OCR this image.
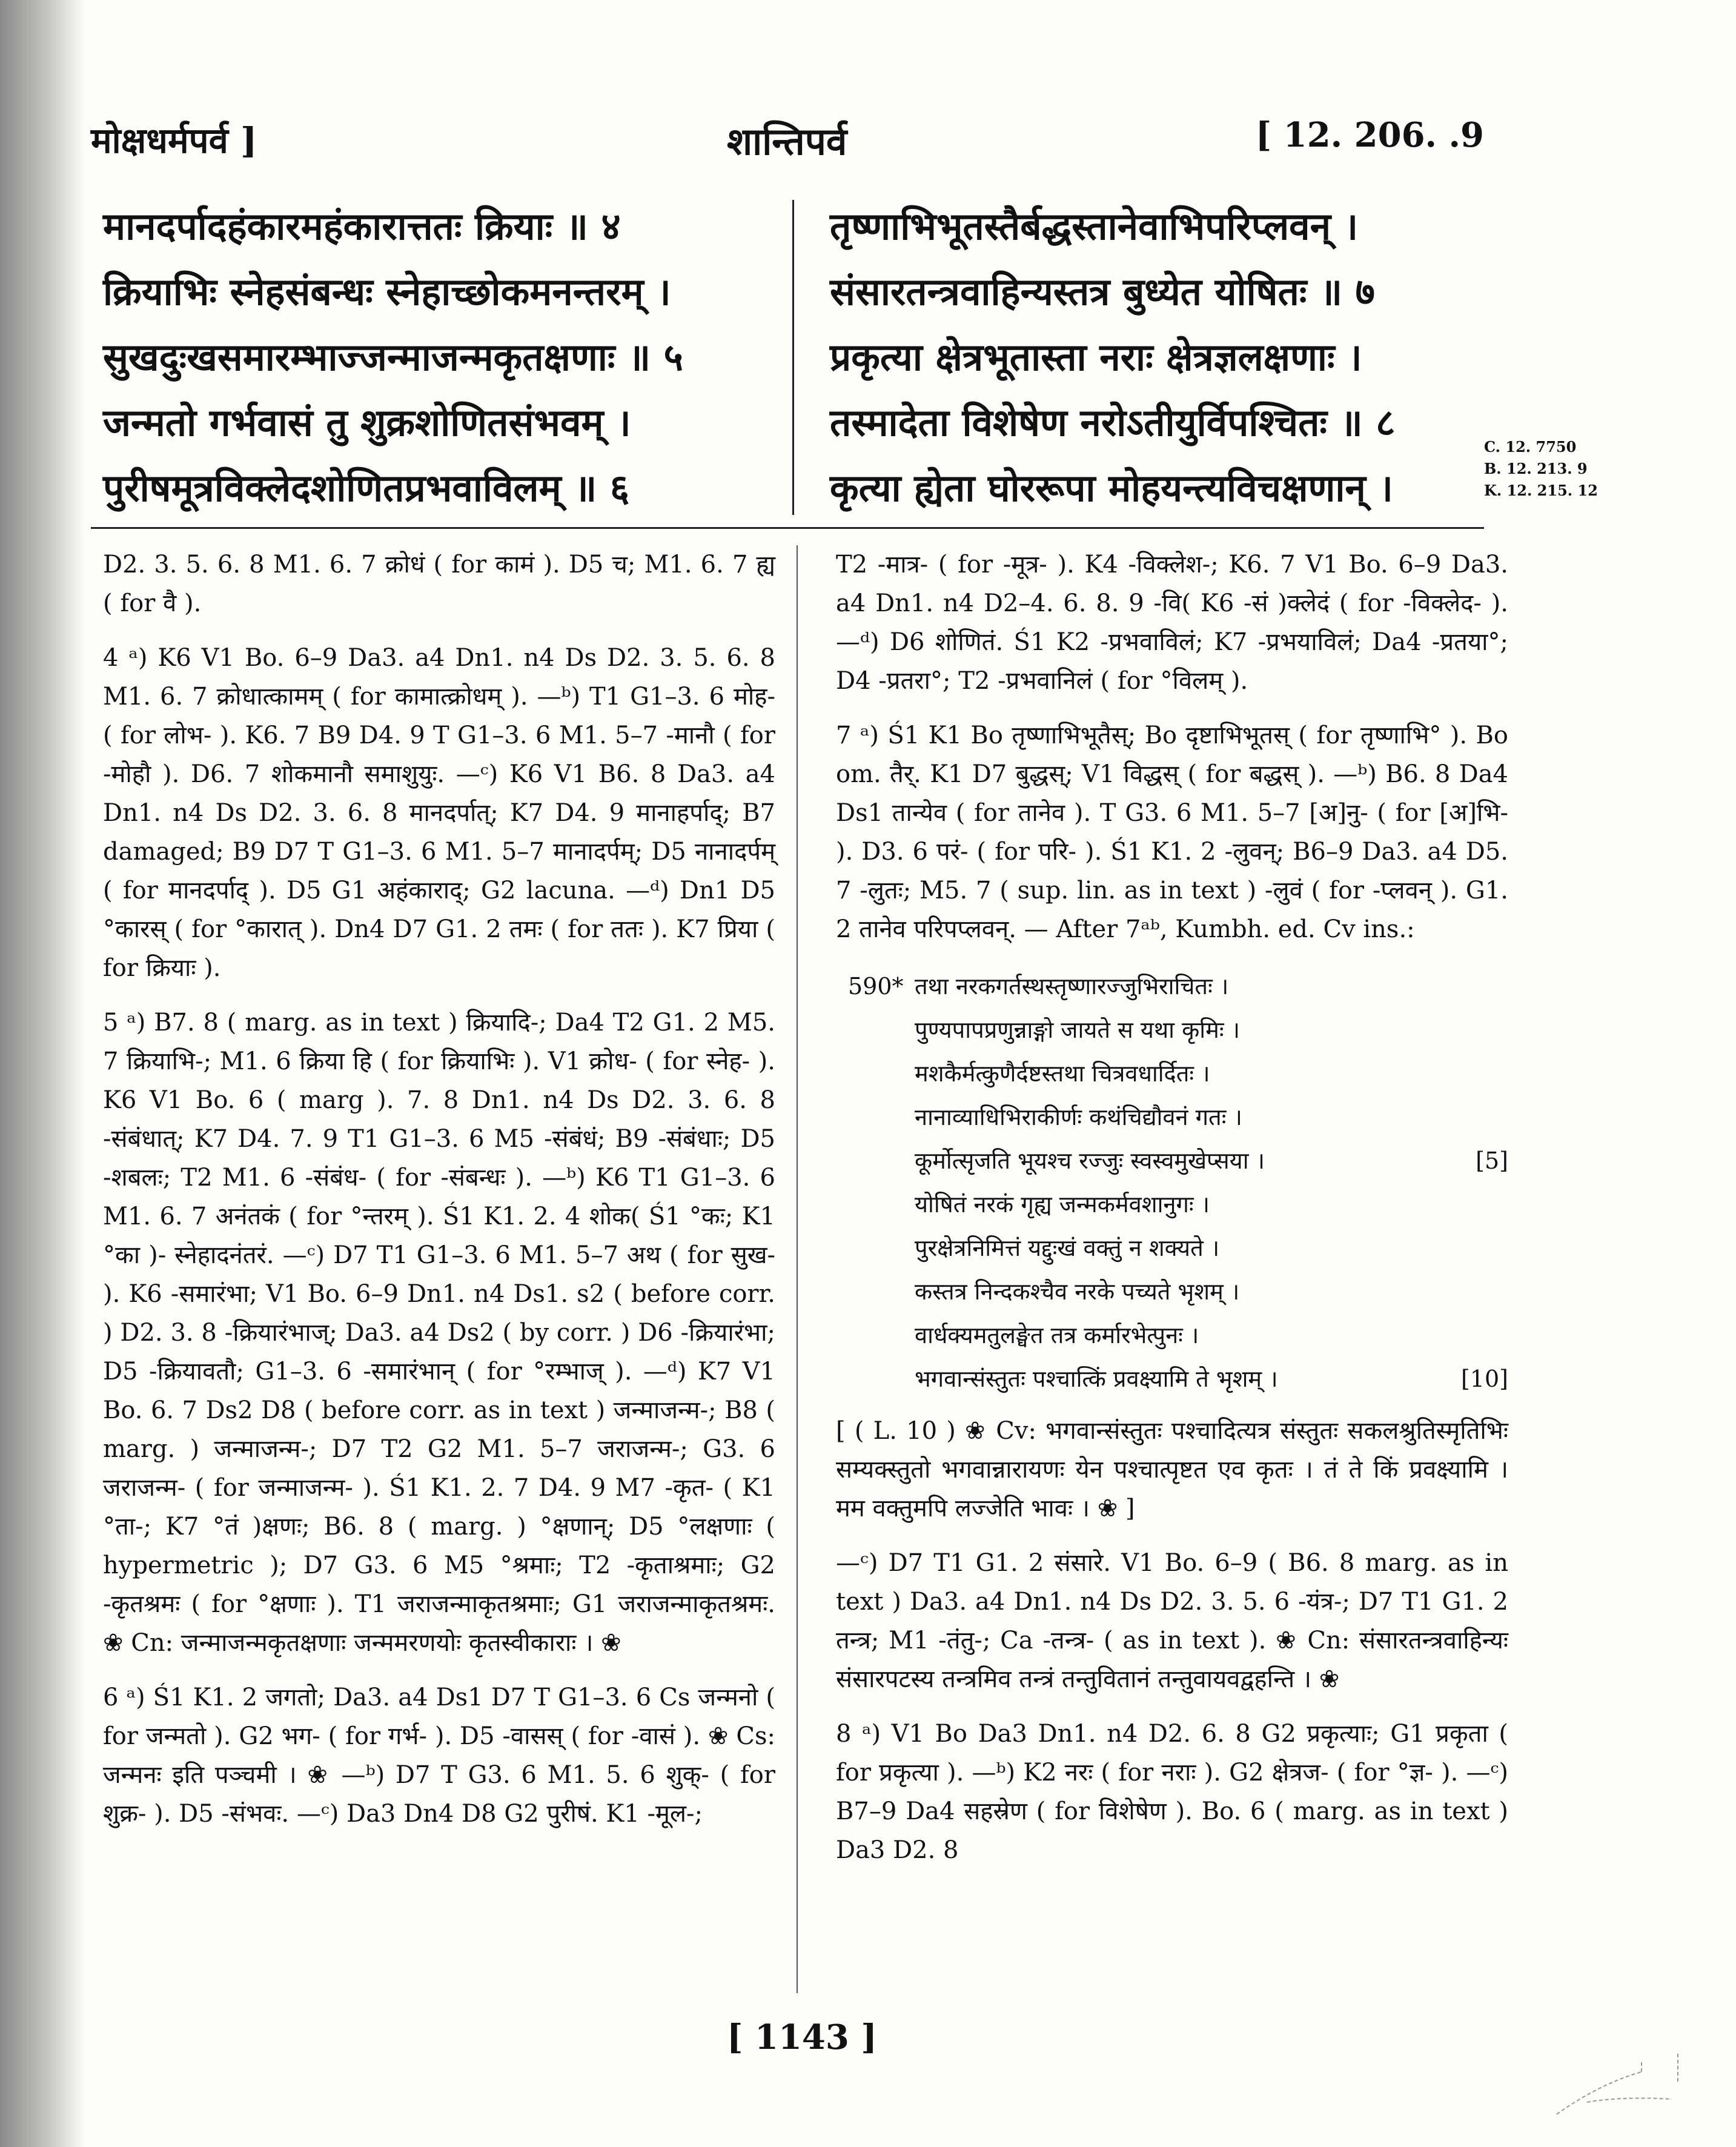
मोक्षधर्मपर्व ]	शान्तिपर्व	[ 12. 206. .9
मानदर्पादहंकारमहंकारात्ततः क्रियाः ॥ ४
क्रियाभिः स्नेहसंबन्धः स्नेहाच्छोकमनन्तरम् ।
सुखदुःखसमारम्भाज्जन्माजन्मकृतक्षणाः ॥ ५
जन्मतो गर्भवासं तु शुक्रशोणितसंभवम् ।
पुरीषमूत्रविक्लेदशोणितप्रभवाविलम् ॥ ६
तृष्णाभिभूतस्तैर्बद्धस्तानेवाभिपरिप्लवन् ।
संसारतन्त्रवाहिन्यस्तत्र बुध्येत योषितः ॥ ७
प्रकृत्या क्षेत्रभूतास्ता नराः क्षेत्रज्ञलक्षणाः ।
तस्मादेता विशेषेण नरोऽतीयुर्विपश्चितः ॥ ८
कृत्या ह्येता घोररूपा मोहयन्त्यविचक्षणान् ।
C. 12. 7750
B. 12. 213. 9
K. 12. 215. 12

D2. 3. 5. 6. 8 M1. 6. 7 क्रोधं ( for कामं ). D5 च; M1. 6. 7 ह्य ( for वै ).

4 ᵃ) K6 V1 Bo. 6–9 Da3. a4 Dn1. n4 Ds D2. 3. 5. 6. 8 M1. 6. 7 क्रोधात्कामम् ( for कामात्क्रोधम् ). —ᵇ) T1 G1–3. 6 मोह- ( for लोभ- ). K6. 7 B9 D4. 9 T G1–3. 6 M1. 5–7 -मानौ ( for -मोहौ ). D6. 7 शोकमानौ समाशुयुः. —ᶜ) K6 V1 B6. 8 Da3. a4 Dn1. n4 Ds D2. 3. 6. 8 मानदर्पात्; K7 D4. 9 मानाहर्पाद्; B7 damaged; B9 D7 T G1–3. 6 M1. 5–7 मानादर्पम्; D5 नानादर्पम् ( for मानदर्पाद् ). D5 G1 अहंकाराद्; G2 lacuna. —ᵈ) Dn1 D5 °कारस् ( for °कारात् ). Dn4 D7 G1. 2 तमः ( for ततः ). K7 प्रिया ( for क्रियाः ).

5 ᵃ) B7. 8 ( marg. as in text ) क्रियादि-; Da4 T2 G1. 2 M5. 7 क्रियाभि-; M1. 6 क्रिया हि ( for क्रियाभिः ). V1 क्रोध- ( for स्नेह- ). K6 V1 Bo. 6 ( marg ). 7. 8 Dn1. n4 Ds D2. 3. 6. 8 -संबंधात्; K7 D4. 7. 9 T1 G1–3. 6 M5 -संबंधं; B9 -संबंधाः; D5 -शबलः; T2 M1. 6 -संबंध- ( for -संबन्धः ). —ᵇ) K6 T1 G1–3. 6 M1. 6. 7 अनंतकं ( for °न्तरम् ). Ś1 K1. 2. 4 शोक( Ś1 °कः; K1 °का )- स्नेहादनंतरं. —ᶜ) D7 T1 G1–3. 6 M1. 5–7 अथ ( for सुख- ). K6 -समारंभा; V1 Bo. 6–9 Dn1. n4 Ds1. s2 ( before corr. ) D2. 3. 8 -क्रियारंभाज्; Da3. a4 Ds2 ( by corr. ) D6 -क्रियारंभा; D5 -क्रियावतौ; G1–3. 6 -समारंभान् ( for °रम्भाज् ). —ᵈ) K7 V1 Bo. 6. 7 Ds2 D8 ( before corr. as in text ) जन्माजन्म-; B8 ( marg. ) जन्माजन्म-; D7 T2 G2 M1. 5–7 जराजन्म-; G3. 6 जराजन्म- ( for जन्माजन्म- ). Ś1 K1. 2. 7 D4. 9 M7 -कृत- ( K1 °ता-; K7 °तं )क्षणः; B6. 8 ( marg. ) °क्षणान्; D5 °लक्षणाः ( hypermetric ); D7 G3. 6 M5 °श्रमाः; T2 -कृताश्रमाः; G2 -कृतश्रमः ( for °क्षणाः ). T1 जराजन्माकृतश्रमाः; G1 जराजन्माकृतश्रमः. ❀ Cn: जन्माजन्मकृतक्षणाः जन्ममरणयोः कृतस्वीकाराः । ❀

6 ᵃ) Ś1 K1. 2 जगतो; Da3. a4 Ds1 D7 T G1–3. 6 Cs जन्मनो ( for जन्मतो ). G2 भग- ( for गर्भ- ). D5 -वासस् ( for -वासं ). ❀ Cs: जन्मनः इति पञ्चमी । ❀ —ᵇ) D7 T G3. 6 M1. 5. 6 शुक्- ( for शुक्र- ). D5 -संभवः. —ᶜ) Da3 Dn4 D8 G2 पुरीषं. K1 -मूल-;

T2 -मात्र- ( for -मूत्र- ). K4 -विक्लेश-; K6. 7 V1 Bo. 6–9 Da3. a4 Dn1. n4 D2–4. 6. 8. 9 -वि( K6 -सं )क्लेदं ( for -विक्लेद- ). —ᵈ) D6 शोणितं. Ś1 K2 -प्रभवाविलं; K7 -प्रभयाविलं; Da4 -प्रतया°; D4 -प्रतरा°; T2 -प्रभवानिलं ( for °विलम् ).

7 ᵃ) Ś1 K1 Bo तृष्णाभिभूतैस्; Bo दृष्टाभिभूतस् ( for तृष्णाभि° ). Bo om. तैर्. K1 D7 बुद्धस्; V1 विद्धस् ( for बद्धस् ). —ᵇ) B6. 8 Da4 Ds1 तान्येव ( for तानेव ). T G3. 6 M1. 5–7 [अ]नु- ( for [अ]भि- ). D3. 6 परं- ( for परि- ). Ś1 K1. 2 -लुवन्; B6–9 Da3. a4 D5. 7 -लुतः; M5. 7 ( sup. lin. as in text ) -लुवं ( for -प्लवन् ). G1. 2 तानेव परिपप्लवन्. — After 7ᵃᵇ, Kumbh. ed. Cv ins.:

590* तथा नरकगर्तस्थस्तृष्णारज्जुभिराचितः ।
पुण्यपापप्रणुन्नाङ्गो जायते स यथा कृमिः ।
मशकैर्मत्कुणैर्दष्टस्तथा चित्रवधार्दितः ।
नानाव्याधिभिराकीर्णः कथंचिद्यौवनं गतः ।
कूर्मोत्सृजति भूयश्च रज्जुः स्वस्वमुखेप्सया ।	[5]
योषितं नरकं गृह्य जन्मकर्मवशानुगः ।
पुरक्षेत्रनिमित्तं यद्दुःखं वक्तुं न शक्यते ।
कस्तत्र निन्दकश्चैव नरके पच्यते भृशम् ।
वार्धक्यमतुलङ्घेत तत्र कर्मारभेत्पुनः ।
भगवान्संस्तुतः पश्चात्किं प्रवक्ष्यामि ते भृशम् ।	[10]

[ ( L. 10 ) ❀ Cv: भगवान्संस्तुतः पश्चादित्यत्र संस्तुतः सकलश्रुतिस्मृतिभिः सम्यक्स्तुतो भगवान्नारायणः येन पश्चात्पृष्टत एव कृतः । तं ते किं प्रवक्ष्यामि । मम वक्तुमपि लज्जेति भावः । ❀ ]

—ᶜ) D7 T1 G1. 2 संसारे. V1 Bo. 6–9 ( B6. 8 marg. as in text ) Da3. a4 Dn1. n4 Ds D2. 3. 5. 6 -यंत्र-; D7 T1 G1. 2 तन्त्र; M1 -तंतु-; Ca -तन्त्र- ( as in text ). ❀ Cn: संसारतन्त्रवाहिन्यः संसारपटस्य तन्त्रमिव तन्त्रं तन्तुवितानं तन्तुवायवद्वहन्ति । ❀

8 ᵃ) V1 Bo Da3 Dn1. n4 D2. 6. 8 G2 प्रकृत्याः; G1 प्रकृता ( for प्रकृत्या ). —ᵇ) K2 नरः ( for नराः ). G2 क्षेत्रज- ( for °ज्ञ- ). —ᶜ) B7–9 Da4 सहस्रेण ( for विशेषेण ). Bo. 6 ( marg. as in text ) Da3 D2. 8

[ 1143 ]
